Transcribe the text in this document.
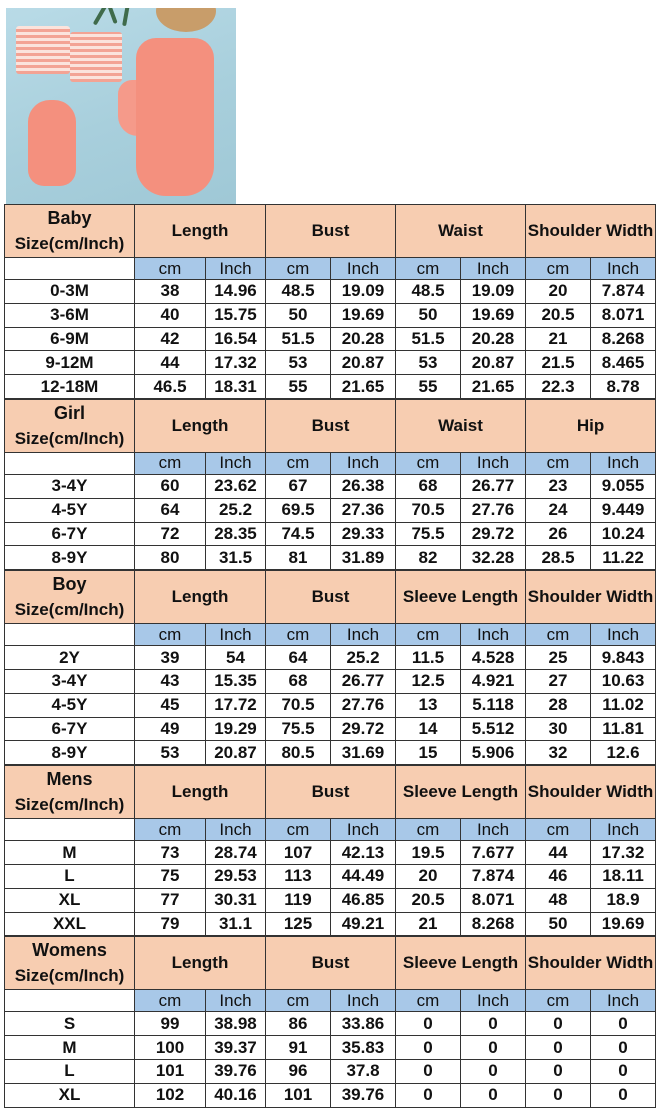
Baby
Size(cm/Inch)	Length		Bust		Waist		Shoulder Width	
	cm	Inch	cm	Inch	cm	Inch	cm	Inch
0-3M	38	14.96	48.5	19.09	48.5	19.09	20	7.874
3-6M	40	15.75	50	19.69	50	19.69	20.5	8.071
6-9M	42	16.54	51.5	20.28	51.5	20.28	21	8.268
9-12M	44	17.32	53	20.87	53	20.87	21.5	8.465
12-18M	46.5	18.31	55	21.65	55	21.65	22.3	8.78
Girl
Size(cm/Inch)	Length		Bust		Waist		Hip	
	cm	Inch	cm	Inch	cm	Inch	cm	Inch
3-4Y	60	23.62	67	26.38	68	26.77	23	9.055
4-5Y	64	25.2	69.5	27.36	70.5	27.76	24	9.449
6-7Y	72	28.35	74.5	29.33	75.5	29.72	26	10.24
8-9Y	80	31.5	81	31.89	82	32.28	28.5	11.22
Boy
Size(cm/Inch)	Length		Bust		Sleeve Length		Shoulder Width	
	cm	Inch	cm	Inch	cm	Inch	cm	Inch
2Y	39	54	64	25.2	11.5	4.528	25	9.843
3-4Y	43	15.35	68	26.77	12.5	4.921	27	10.63
4-5Y	45	17.72	70.5	27.76	13	5.118	28	11.02
6-7Y	49	19.29	75.5	29.72	14	5.512	30	11.81
8-9Y	53	20.87	80.5	31.69	15	5.906	32	12.6
Mens
Size(cm/Inch)	Length		Bust		Sleeve Length		Shoulder Width	
	cm	Inch	cm	Inch	cm	Inch	cm	Inch
M	73	28.74	107	42.13	19.5	7.677	44	17.32
L	75	29.53	113	44.49	20	7.874	46	18.11
XL	77	30.31	119	46.85	20.5	8.071	48	18.9
XXL	79	31.1	125	49.21	21	8.268	50	19.69
Womens
Size(cm/Inch)	Length		Bust		Sleeve Length		Shoulder Width	
	cm	Inch	cm	Inch	cm	Inch	cm	Inch
S	99	38.98	86	33.86	0	0	0	0
M	100	39.37	91	35.83	0	0	0	0
L	101	39.76	96	37.8	0	0	0	0
XL	102	40.16	101	39.76	0	0	0	0
